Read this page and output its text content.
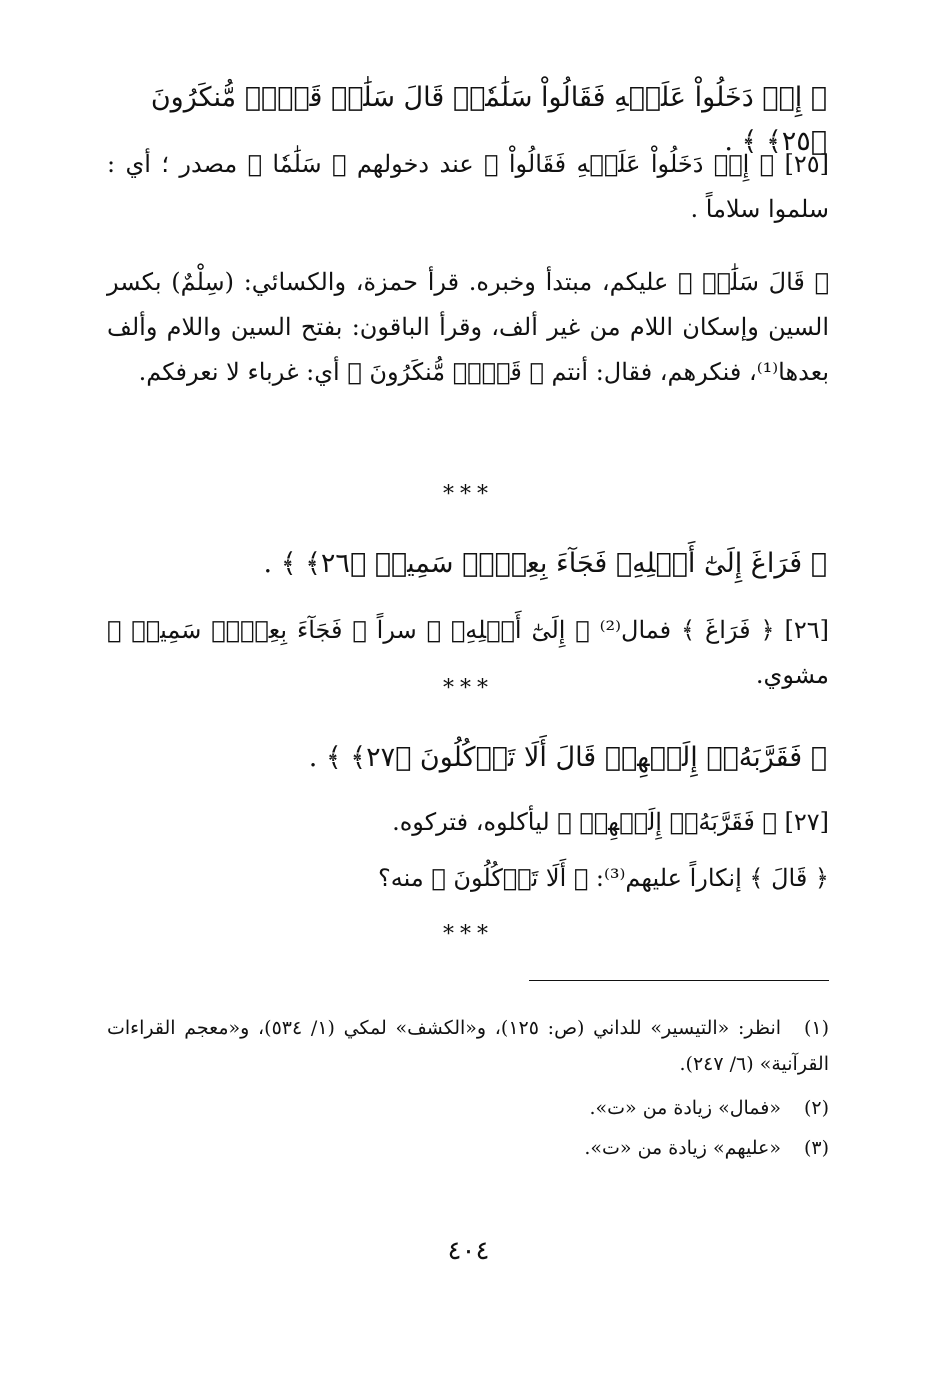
﴿ إِذۡ دَخَلُواْ عَلَيۡهِ فَقَالُواْ سَلَٰمٗاۖ قَالَ سَلَٰمٞ قَوۡمٞ مُّنكَرُونَ ﴿٢٥﴾ ﴾ .
[٢٥] ﴿ إِذۡ دَخَلُواْ عَلَيۡهِ فَقَالُواْ ﴾ عند دخولهم ﴿ سَلَٰمٗا ﴾ مصدر ؛ أي : سلموا سلاماً .
﴿ قَالَ سَلَٰمٞ ﴾ عليكم، مبتدأ وخبره. قرأ حمزة، والكسائي: (سِلْمٌ) بكسر السين وإسكان اللام من غير ألف، وقرأ الباقون: بفتح السين واللام وألف بعدها⁽¹⁾، فنكرهم، فقال: أنتم ﴿ قَوۡمٞ مُّنكَرُونَ ﴾ أي: غرباء لا نعرفكم.
***
﴿ فَرَاغَ إِلَىٰٓ أَهۡلِهِۦ فَجَآءَ بِعِجۡلٖ سَمِينٖ ﴿٢٦﴾ ﴾ .
[٢٦] ﴿ فَرَاغَ ﴾ فمال⁽²⁾ ﴿ إِلَىٰٓ أَهۡلِهِۦ ﴾ سراً ﴿ فَجَآءَ بِعِجۡلٖ سَمِينٖ ﴾ مشوي.
***
﴿ فَقَرَّبَهُۥٓ إِلَيۡهِمۡ قَالَ أَلَا تَأۡكُلُونَ ﴿٢٧﴾ ﴾ .
[٢٧] ﴿ فَقَرَّبَهُۥٓ إِلَيۡهِمۡ ﴾ ليأكلوه، فتركوه.
﴿ قَالَ ﴾ إنكاراً عليهم⁽³⁾: ﴿ أَلَا تَأۡكُلُونَ ﴾ منه؟
***
(١)انظر: «التيسير» للداني (ص: ١٢٥)، و«الكشف» لمكي (١/ ٥٣٤)، و«معجم القراءات القرآنية» (٦/ ٢٤٧).
(٢)«فمال» زيادة من «ت».
(٣)«عليهم» زيادة من «ت».
٤٠٤
